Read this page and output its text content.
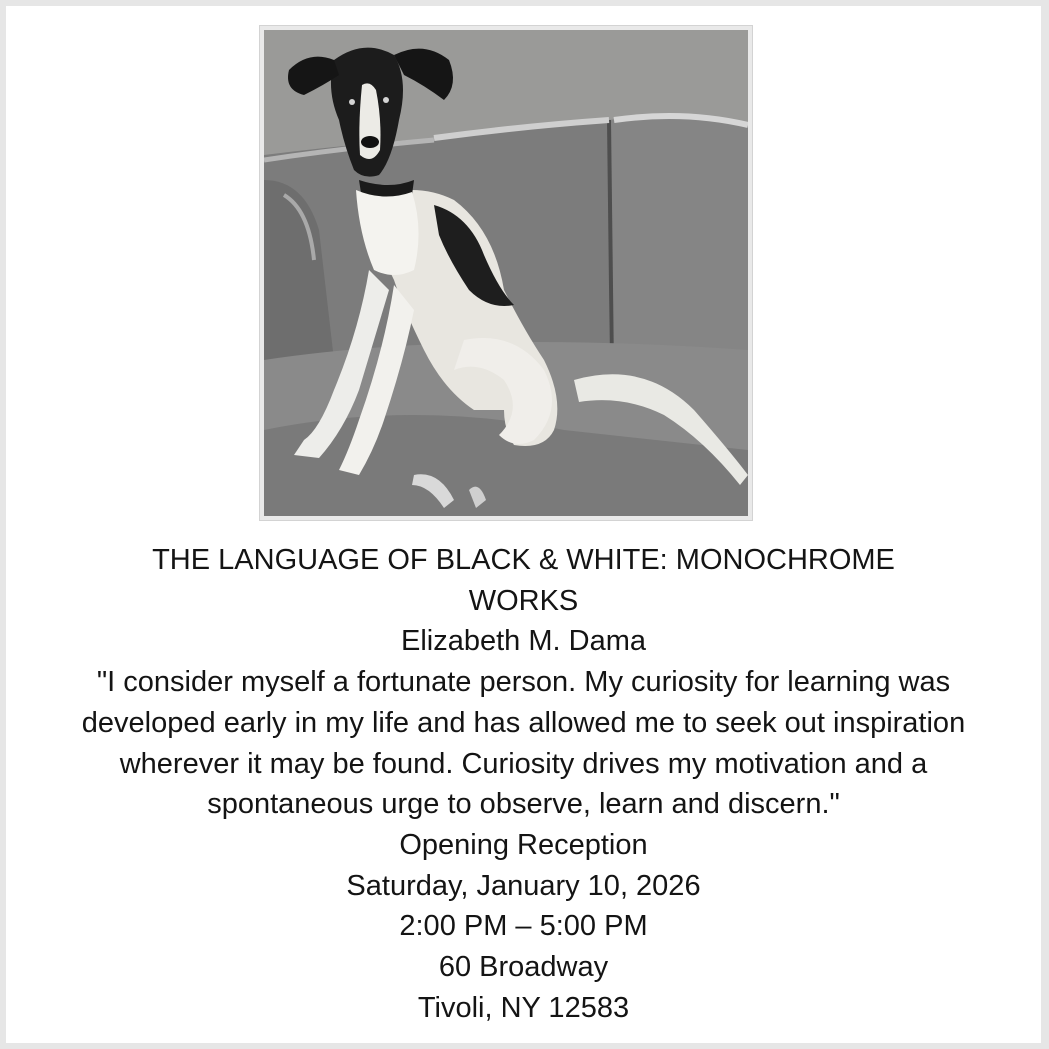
THE LANGUAGE OF BLACK & WHITE: MONOCHROME WORKS
Elizabeth M. Dama
"I consider myself a fortunate person. My curiosity for learning was developed early in my life and has allowed me to seek out inspiration wherever it may be found. Curiosity drives my motivation and a spontaneous urge to observe, learn and discern."
Opening Reception
Saturday, January 10, 2026
2:00 PM – 5:00 PM
60 Broadway
Tivoli, NY 12583
